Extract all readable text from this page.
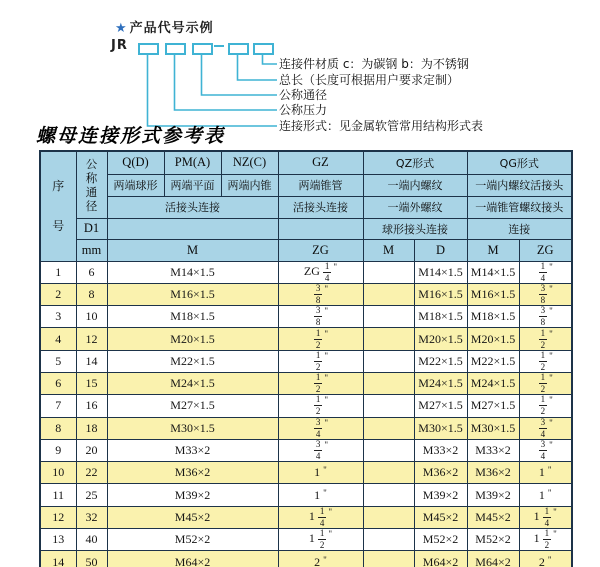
★ 产品代号示例
JR
连接件材质 c：为碳钢 b：为不锈钢
总长（长度可根据用户要求定制）
公称通径
公称压力
连接形式：见金属软管常用结构形式表
螺母连接形式参考表
序号	公称通径	Q(D)	PM(A)	NZ(C)	GZ	QZ形式		QG形式	
		两端球形	两端平面	两端内锥	两端锥管	一端内螺纹		一端内螺纹活接头	
		活接头连接			活接头连接	一端外螺纹		一端锥管螺纹接头	
	D1					球形接头连接		连接	
	mm	M			ZG	M	D	M	ZG
1	6	M14×1.5			ZG $\frac{1}{4} ^"$		M14×1.5	M14×1.5	$\frac{1}{4} ^"$
2	8	M16×1.5			$\frac{3}{8} ^"$		M16×1.5	M16×1.5	$\frac{3}{8} ^"$
3	10	M18×1.5			$\frac{3}{8} ^"$		M18×1.5	M18×1.5	$\frac{3}{8} ^"$
4	12	M20×1.5			$\frac{1}{2} ^"$		M20×1.5	M20×1.5	$\frac{1}{2} ^"$
5	14	M22×1.5			$\frac{1}{2} ^"$		M22×1.5	M22×1.5	$\frac{1}{2} ^"$
6	15	M24×1.5			$\frac{1}{2} ^"$		M24×1.5	M24×1.5	$\frac{1}{2} ^"$
7	16	M27×1.5			$\frac{1}{2} ^"$		M27×1.5	M27×1.5	$\frac{1}{2} ^"$
8	18	M30×1.5			$\frac{3}{4} ^"$		M30×1.5	M30×1.5	$\frac{3}{4} ^"$
9	20	M33×2			$\frac{3}{4} ^"$		M33×2	M33×2	$\frac{3}{4} ^"$
10	22	M36×2			1 "		M36×2	M36×2	1 "
11	25	M39×2			1 "		M39×2	M39×2	1 "
12	32	M45×2			$1 \frac{1}{4} ^"$		M45×2	M45×2	$1 \frac{1}{4} ^"$
13	40	M52×2			$1 \frac{1}{2} ^"$		M52×2	M52×2	$1 \frac{1}{2} ^"$
14	50	M64×2			2 "		M64×2	M64×2	2 "
